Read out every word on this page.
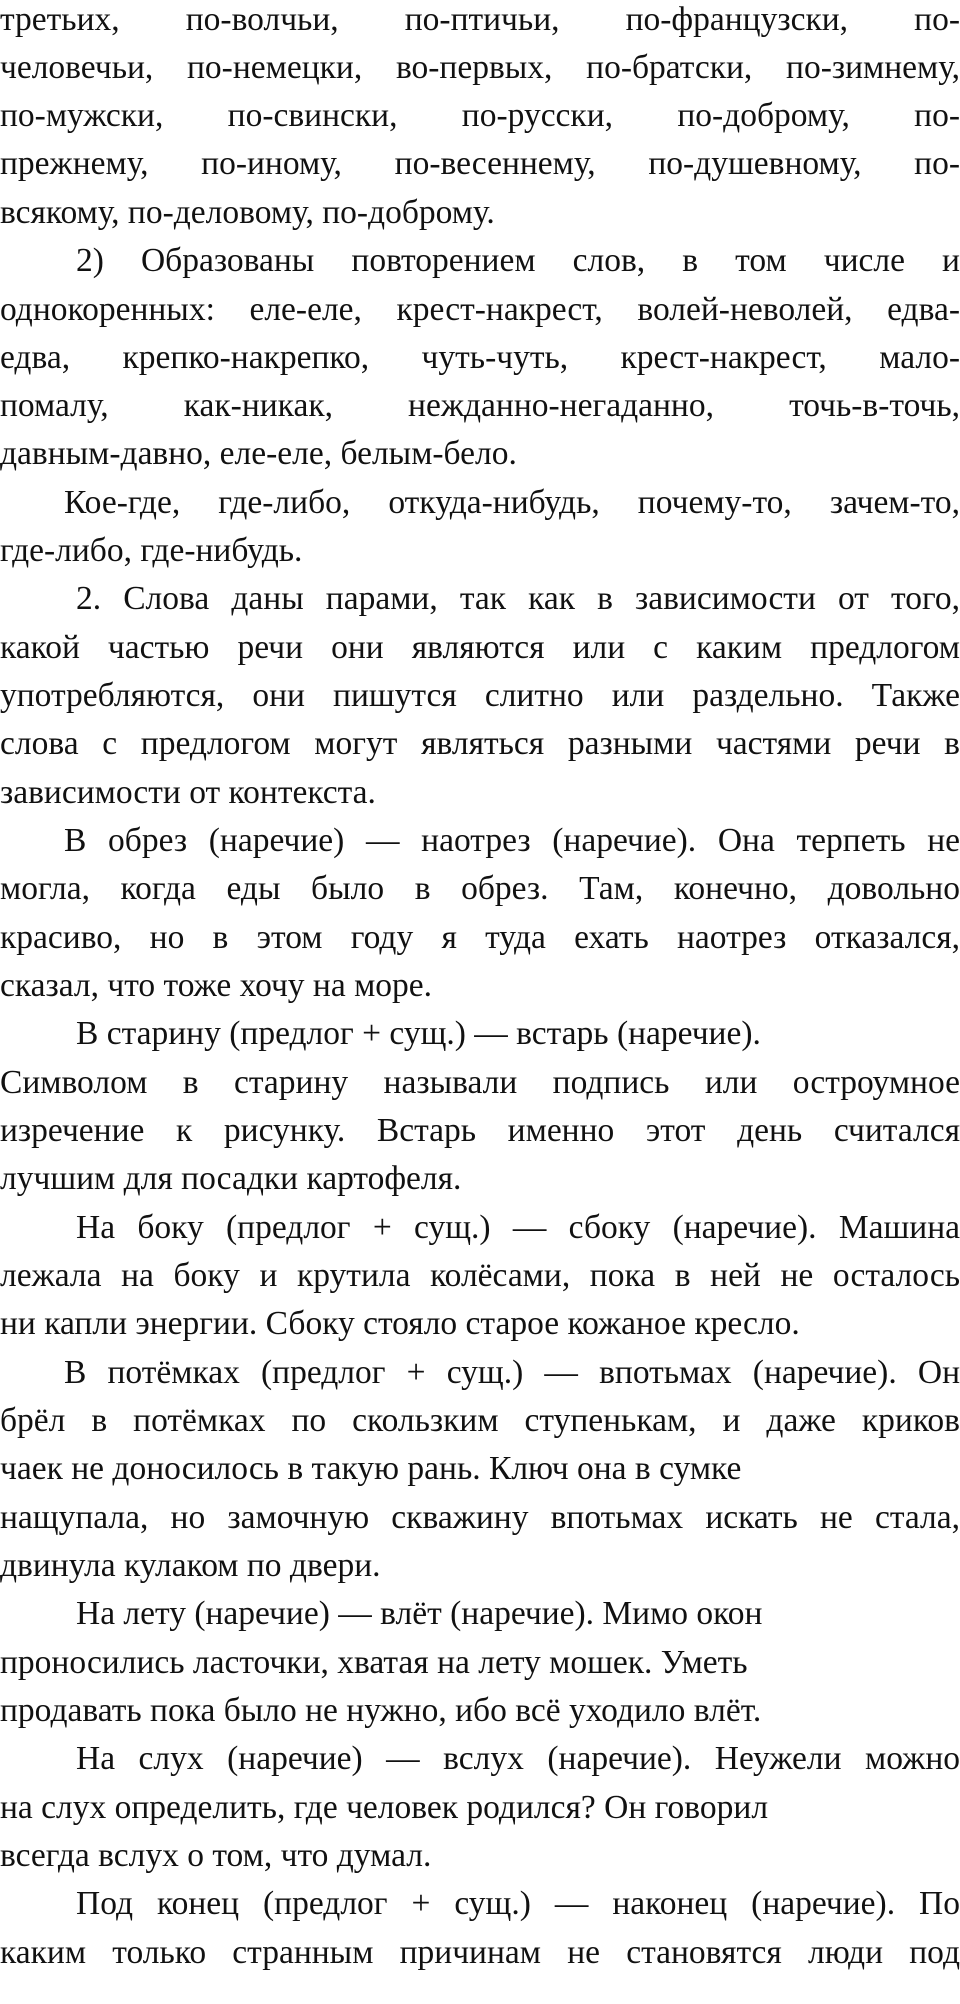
третьих, по-волчьи, по-птичьи, по-французски, по-
человечьи, по-немецки, во-первых, по-братски, по-зимнему,
по-мужски, по-свински, по-русски, по-доброму, по-
прежнему, по-иному, по-весеннему, по-душевному, по-
всякому, по-деловому, по-доброму.
2) Образованы повторением слов, в том числе и
однокоренных: еле-еле, крест-накрест, волей-неволей, едва-
едва, крепко-накрепко, чуть-чуть, крест-накрест, мало-
помалу, как-никак, нежданно-негаданно, точь-в-точь,
давным-давно, еле-еле, белым-бело.
Кое-где, где-либо, откуда-нибудь, почему-то, зачем-то,
где-либо, где-нибудь.
2. Слова даны парами, так как в зависимости от того,
какой частью речи они являются или с каким предлогом
употребляются, они пишутся слитно или раздельно. Также
слова с предлогом могут являться разными частями речи в
зависимости от контекста.
В обрез (наречие) — наотрез (наречие). Она терпеть не
могла, когда еды было в обрез. Там, конечно, довольно
красиво, но в этом году я туда ехать наотрез отказался,
сказал, что тоже хочу на море.
В старину (предлог + сущ.) — встарь (наречие).
Символом в старину называли подпись или остроумное
изречение к рисунку. Встарь именно этот день считался
лучшим для посадки картофеля.
На боку (предлог + сущ.) — сбоку (наречие). Машина
лежала на боку и крутила колёсами, пока в ней не осталось
ни капли энергии. Сбоку стояло старое кожаное кресло.
В потёмках (предлог + сущ.) — впотьмах (наречие). Он
брёл в потёмках по скользким ступенькам, и даже криков
чаек не доносилось в такую рань. Ключ она в сумке
нащупала, но замочную скважину впотьмах искать не стала,
двинула кулаком по двери.
На лету (наречие) — влёт (наречие). Мимо окон
проносились ласточки, хватая на лету мошек. Уметь
продавать пока было не нужно, ибо всё уходило влёт.
На слух (наречие) — вслух (наречие). Неужели можно
на слух определить, где человек родился? Он говорил
всегда вслух о том, что думал.
Под конец (предлог + сущ.) — наконец (наречие). По
каким только странным причинам не становятся люди под
